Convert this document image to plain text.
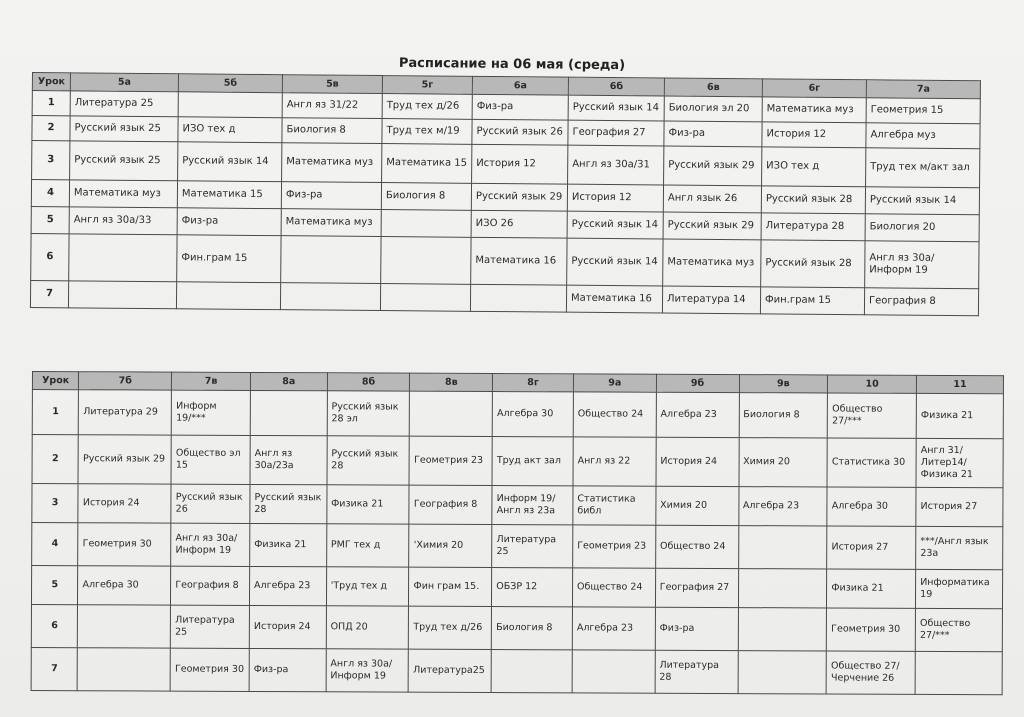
Расписание на 06 мая (среда)
Урок	5а	5б	5в	5г	6а	6б	6в	6г	7а
1	Литература 25		Англ яз 31/22	Труд тех д/26	Физ-ра	Русский язык 14	Биология эл 20	Математика муз	Геометрия 15
2	Русский язык 25	ИЗО тех д	Биология 8	Труд тех м/19	Русский язык 26	География 27	Физ-ра	История 12	Алгебра муз
3	Русский язык 25	Русский язык 14	Математика муз	Математика 15	История 12	Англ яз 30а/31	Русский язык 29	ИЗО тех д	Труд тех м/акт зал
4	Математика муз	Математика 15	Физ-ра	Биология 8	Русский язык 29	История 12	Англ язык 26	Русский язык 28	Русский язык 14
5	Англ яз 30а/33	Физ-ра	Математика муз		ИЗО 26	Русский язык 14	Русский язык 29	Литература 28	Биология 20
6		Фин.грам 15			Математика 16	Русский язык 14	Математика муз	Русский язык 28	Англ яз 30а/ Информ 19
7						Математика 16	Литература 14	Фин.грам 15	География 8
Урок	7б	7в	8а	8б	8в	8г	9а	9б	9в	10	11
1	Литература 29	Информ 19/***		Русский язык 28 эл		Алгебра 30	Общество 24	Алгебра 23	Биология 8	Общество 27/***	Физика 21
2	Русский язык 29	Общество эл 15	Англ яз 30а/23а	Русский язык 28	Геометрия 23	Труд акт зал	Англ яз 22	История 24	Химия 20	Статистика 30	Англ 31/ Литер14/ Физика 21
3	История 24	Русский язык 26	Русский язык 28	Физика 21	География 8	Информ 19/ Англ яз 23а	Статистика библ	Химия 20	Алгебра 23	Алгебра 30	История 27
4	Геометрия 30	Англ яз 30а/ Информ 19	Физика 21	РМГ тех д	'Химия 20	Литература 25	Геометрия 23	Общество 24		История 27	***/Англ язык 23а
5	Алгебра 30	География 8	Алгебра 23	'Труд тех д	Фин грам 15.	ОБЗР 12	Общество 24	География 27		Физика 21	Информатика 19
6		Литература 25	История 24	ОПД 20	Труд тех д/26	Биология 8	Алгебра 23	Физ-ра		Геометрия 30	Общество 27/***
7		Геометрия 30	Физ-ра	Англ яз 30а/ Информ 19	Литература25			Литература 28		Общество 27/ Черчение 26	
